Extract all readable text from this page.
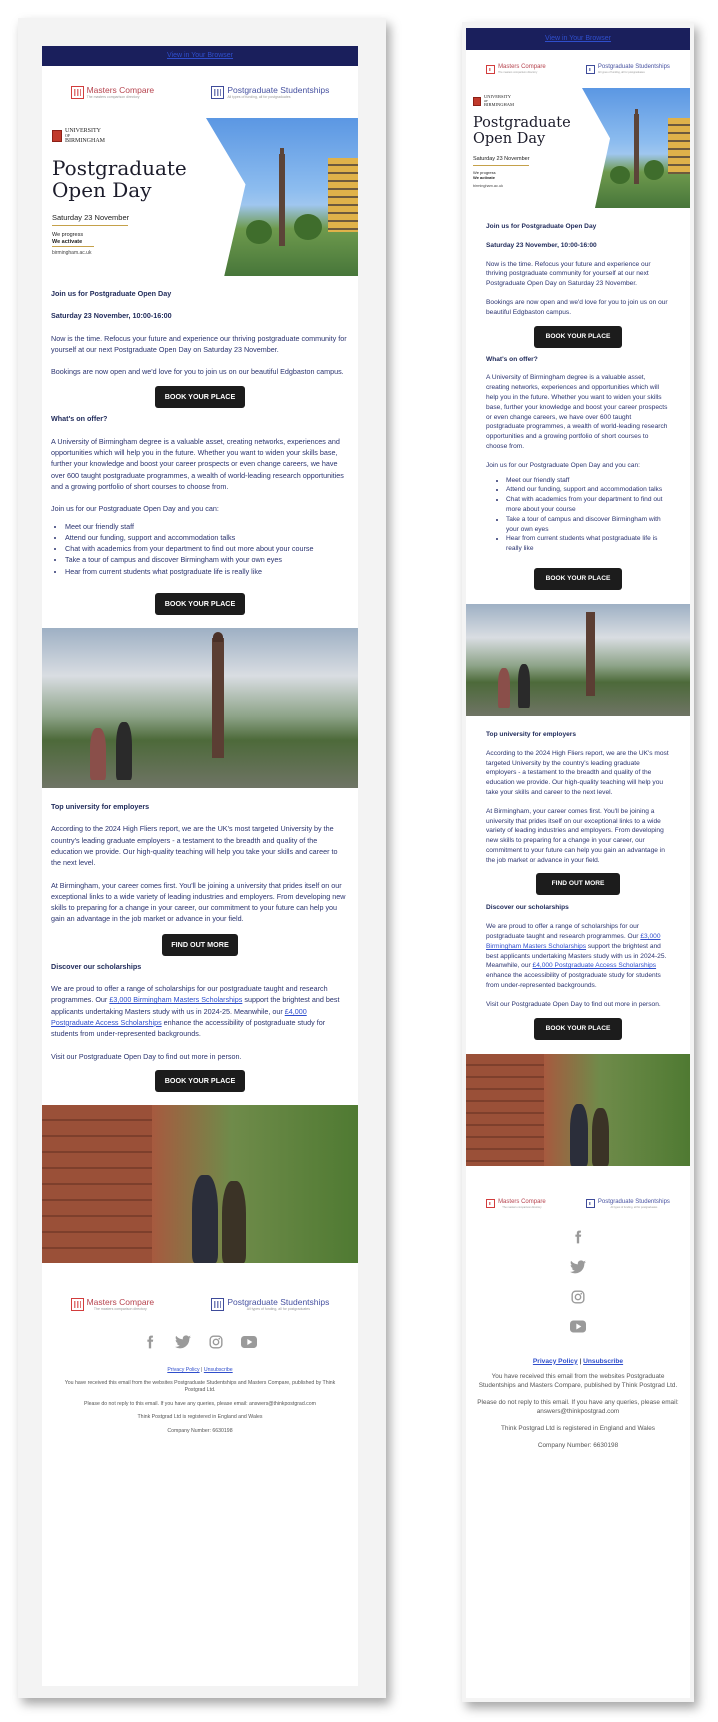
View in Your Browser
Masters Compare
The masters comparison directory
Postgraduate Studentships
All types of funding, all for postgraduates
UNIVERSITY
OF
BIRMINGHAM
Postgraduate
Open Day
Saturday 23 November
We progress
We activate
birmingham.ac.uk
Join us for Postgraduate Open Day
Saturday 23 November, 10:00-16:00
Now is the time. Refocus your future and experience our thriving postgraduate community for yourself at our next Postgraduate Open Day on Saturday 23 November.
Bookings are now open and we'd love for you to join us on our beautiful Edgbaston campus.
BOOK YOUR PLACE
What's on offer?
A University of Birmingham degree is a valuable asset, creating networks, experiences and opportunities which will help you in the future. Whether you want to widen your skills base, further your knowledge and boost your career prospects or even change careers, we have over 600 taught postgraduate programmes, a wealth of world-leading research opportunities and a growing portfolio of short courses to choose from.
Join us for our Postgraduate Open Day and you can:
• Meet our friendly staff
• Attend our funding, support and accommodation talks
• Chat with academics from your department to find out more about your course
• Take a tour of campus and discover Birmingham with your own eyes
• Hear from current students what postgraduate life is really like
BOOK YOUR PLACE
Top university for employers
According to the 2024 High Fliers report, we are the UK's most targeted University by the country's leading graduate employers - a testament to the breadth and quality of the education we provide. Our high-quality teaching will help you take your skills and career to the next level.
At Birmingham, your career comes first. You'll be joining a university that prides itself on our exceptional links to a wide variety of leading industries and employers. From developing new skills to preparing for a change in your career, our commitment to your future can help you gain an advantage in the job market or advance in your field.
FIND OUT MORE
Discover our scholarships
We are proud to offer a range of scholarships for our postgraduate taught and research programmes. Our £3,000 Birmingham Masters Scholarships support the brightest and best applicants undertaking Masters study with us in 2024-25. Meanwhile, our £4,000 Postgraduate Access Scholarships enhance the accessibility of postgraduate study for students from under-represented backgrounds.
Visit our Postgraduate Open Day to find out more in person.
BOOK YOUR PLACE
Masters Compare
The masters comparison directory
Postgraduate Studentships
All types of funding, all for postgraduates
Privacy Policy | Unsubscribe
You have received this email from the websites Postgraduate Studentships and Masters Compare, published by Think Postgrad Ltd.
Please do not reply to this email. If you have any queries, please email: answers@thinkpostgrad.com
Think Postgrad Ltd is registered in England and Wales
Company Number: 6630198
View in Your Browser
Masters Compare
The masters comparison directory
Postgraduate Studentships
All types of funding, all for postgraduates
UNIVERSITY
OF
BIRMINGHAM
Postgraduate
Open Day
Saturday 23 November
We progress
We activate
birmingham.ac.uk
Join us for Postgraduate Open Day
Saturday 23 November, 10:00-16:00
Now is the time. Refocus your future and experience our thriving postgraduate community for yourself at our next Postgraduate Open Day on Saturday 23 November.
Bookings are now open and we'd love for you to join us on our beautiful Edgbaston campus.
BOOK YOUR PLACE
What's on offer?
A University of Birmingham degree is a valuable asset, creating networks, experiences and opportunities which will help you in the future. Whether you want to widen your skills base, further your knowledge and boost your career prospects or even change careers, we have over 600 taught postgraduate programmes, a wealth of world-leading research opportunities and a growing portfolio of short courses to choose from.
Join us for our Postgraduate Open Day and you can:
• Meet our friendly staff
• Attend our funding, support and accommodation talks
• Chat with academics from your department to find out more about your course
• Take a tour of campus and discover Birmingham with your own eyes
• Hear from current students what postgraduate life is really like
BOOK YOUR PLACE
Top university for employers
According to the 2024 High Fliers report, we are the UK's most targeted University by the country's leading graduate employers - a testament to the breadth and quality of the education we provide. Our high-quality teaching will help you take your skills and career to the next level.
At Birmingham, your career comes first. You'll be joining a university that prides itself on our exceptional links to a wide variety of leading industries and employers. From developing new skills to preparing for a change in your career, our commitment to your future can help you gain an advantage in the job market or advance in your field.
FIND OUT MORE
Discover our scholarships
We are proud to offer a range of scholarships for our postgraduate taught and research programmes. Our £3,000 Birmingham Masters Scholarships support the brightest and best applicants undertaking Masters study with us in 2024-25. Meanwhile, our £4,000 Postgraduate Access Scholarships enhance the accessibility of postgraduate study for students from under-represented backgrounds.
Visit our Postgraduate Open Day to find out more in person.
BOOK YOUR PLACE
Masters Compare
The masters comparison directory
Postgraduate Studentships
All types of funding, all for postgraduates
Privacy Policy | Unsubscribe
You have received this email from the websites Postgraduate Studentships and Masters Compare, published by Think Postgrad Ltd.
Please do not reply to this email. If you have any queries, please email: answers@thinkpostgrad.com
Think Postgrad Ltd is registered in England and Wales
Company Number: 6630198
